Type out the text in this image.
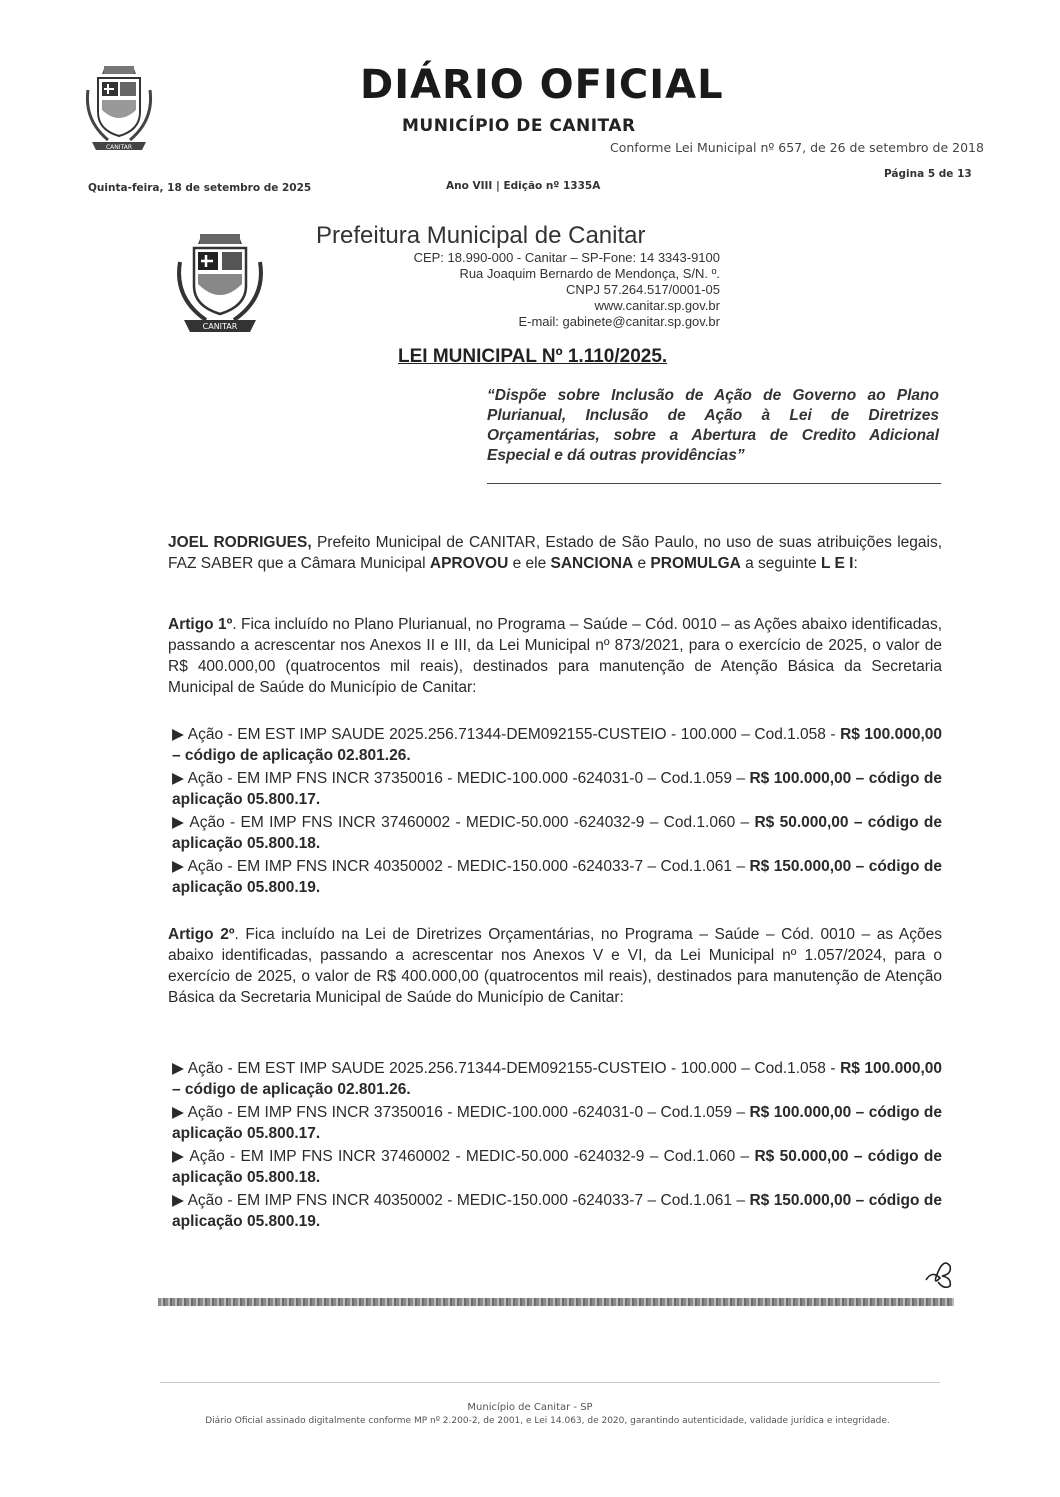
CANITAR
DIÁRIO OFICIAL
MUNICÍPIO DE CANITAR
Conforme Lei Municipal nº 657, de 26 de setembro de 2018
Quinta-feira, 18 de setembro de 2025	Ano VIII | Edição nº 1335A
Página 5 de 13
CANITAR
Prefeitura Municipal de Canitar
CEP: 18.990-000 - Canitar – SP-Fone: 14 3343-9100
Rua Joaquim Bernardo de Mendonça, S/N. º.
CNPJ 57.264.517/0001-05
www.canitar.sp.gov.br
E-mail: gabinete@canitar.sp.gov.br
LEI MUNICIPAL Nº 1.110/2025.
“Dispõe sobre Inclusão de Ação de Governo ao Plano Plurianual, Inclusão de Ação à Lei de Diretrizes Orçamentárias, sobre a Abertura de Credito Adicional Especial e dá outras providências”
JOEL RODRIGUES, Prefeito Municipal de CANITAR, Estado de São Paulo, no uso de suas atribuições legais, FAZ SABER que a Câmara Municipal APROVOU e ele SANCIONA e PROMULGA a seguinte L E I:
Artigo 1º. Fica incluído no Plano Plurianual, no Programa – Saúde – Cód. 0010 – as Ações abaixo identificadas, passando a acrescentar nos Anexos II e III, da Lei Municipal nº 873/2021, para o exercício de 2025, o valor de R$ 400.000,00 (quatrocentos mil reais), destinados para manutenção de Atenção Básica da Secretaria Municipal de Saúde do Município de Canitar:
▶ Ação - EM EST IMP SAUDE 2025.256.71344-DEM092155-CUSTEIO - 100.000 – Cod.1.058 - R$ 100.000,00 – código de aplicação 02.801.26.
▶ Ação - EM IMP FNS INCR 37350016 - MEDIC-100.000 -624031-0 – Cod.1.059 – R$ 100.000,00 – código de aplicação 05.800.17.
▶ Ação - EM IMP FNS INCR 37460002 - MEDIC-50.000 -624032-9 – Cod.1.060 – R$ 50.000,00 – código de aplicação 05.800.18.
▶ Ação - EM IMP FNS INCR 40350002 - MEDIC-150.000 -624033-7 – Cod.1.061 – R$ 150.000,00 – código de aplicação 05.800.19.
Artigo 2º. Fica incluído na Lei de Diretrizes Orçamentárias, no Programa – Saúde – Cód. 0010 – as Ações abaixo identificadas, passando a acrescentar nos Anexos V e VI, da Lei Municipal nº 1.057/2024, para o exercício de 2025, o valor de R$ 400.000,00 (quatrocentos mil reais), destinados para manutenção de Atenção Básica da Secretaria Municipal de Saúde do Município de Canitar:
▶ Ação - EM EST IMP SAUDE 2025.256.71344-DEM092155-CUSTEIO - 100.000 – Cod.1.058 - R$ 100.000,00 – código de aplicação 02.801.26.
▶ Ação - EM IMP FNS INCR 37350016 - MEDIC-100.000 -624031-0 – Cod.1.059 – R$ 100.000,00 – código de aplicação 05.800.17.
▶ Ação - EM IMP FNS INCR 37460002 - MEDIC-50.000 -624032-9 – Cod.1.060 – R$ 50.000,00 – código de aplicação 05.800.18.
▶ Ação - EM IMP FNS INCR 40350002 - MEDIC-150.000 -624033-7 – Cod.1.061 – R$ 150.000,00 – código de aplicação 05.800.19.
Município de Canitar - SP
Diário Oficial assinado digitalmente conforme MP nº 2.200-2, de 2001, e Lei 14.063, de 2020, garantindo autenticidade, validade jurídica e integridade.
